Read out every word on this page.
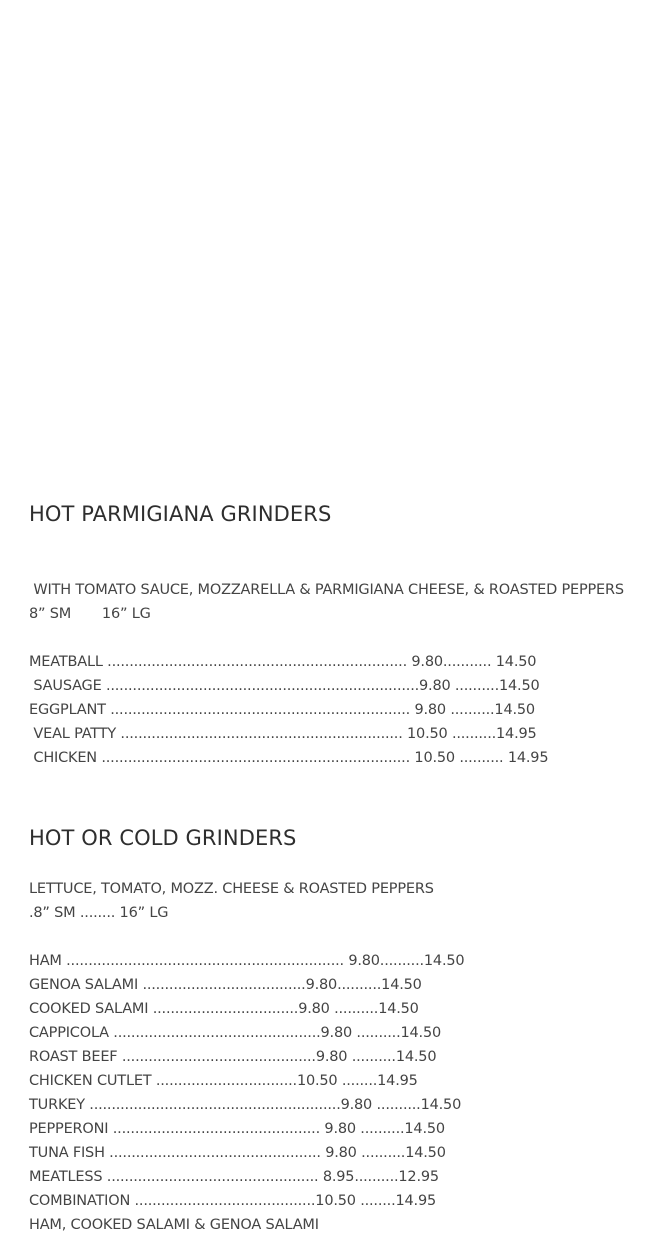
HOT PARMIGIANA GRINDERS
WITH TOMATO SAUCE, MOZZARELLA & PARMIGIANA CHEESE, & ROASTED PEPPERS
8” SM       16” LG
MEATBALL .................................................................... 9.80........... 14.50
SAUSAGE .......................................................................9.80 ..........14.50
EGGPLANT .................................................................... 9.80 ..........14.50
VEAL PATTY ................................................................ 10.50 ..........14.95
CHICKEN ...................................................................... 10.50 .......... 14.95
HOT OR COLD GRINDERS
LETTUCE, TOMATO, MOZZ. CHEESE & ROASTED PEPPERS
.8” SM ........ 16” LG
HAM ............................................................... 9.80..........14.50
GENOA SALAMI .....................................9.80..........14.50
COOKED SALAMI .................................9.80 ..........14.50
CAPPICOLA ...............................................9.80 ..........14.50
ROAST BEEF ............................................9.80 ..........14.50
CHICKEN CUTLET ................................10.50 ........14.95
TURKEY .........................................................9.80 ..........14.50
PEPPERONI ............................................... 9.80 ..........14.50
TUNA FISH ................................................ 9.80 ..........14.50
MEATLESS ................................................ 8.95..........12.95
COMBINATION .........................................10.50 ........14.95
HAM, COOKED SALAMI & GENOA SALAMI
